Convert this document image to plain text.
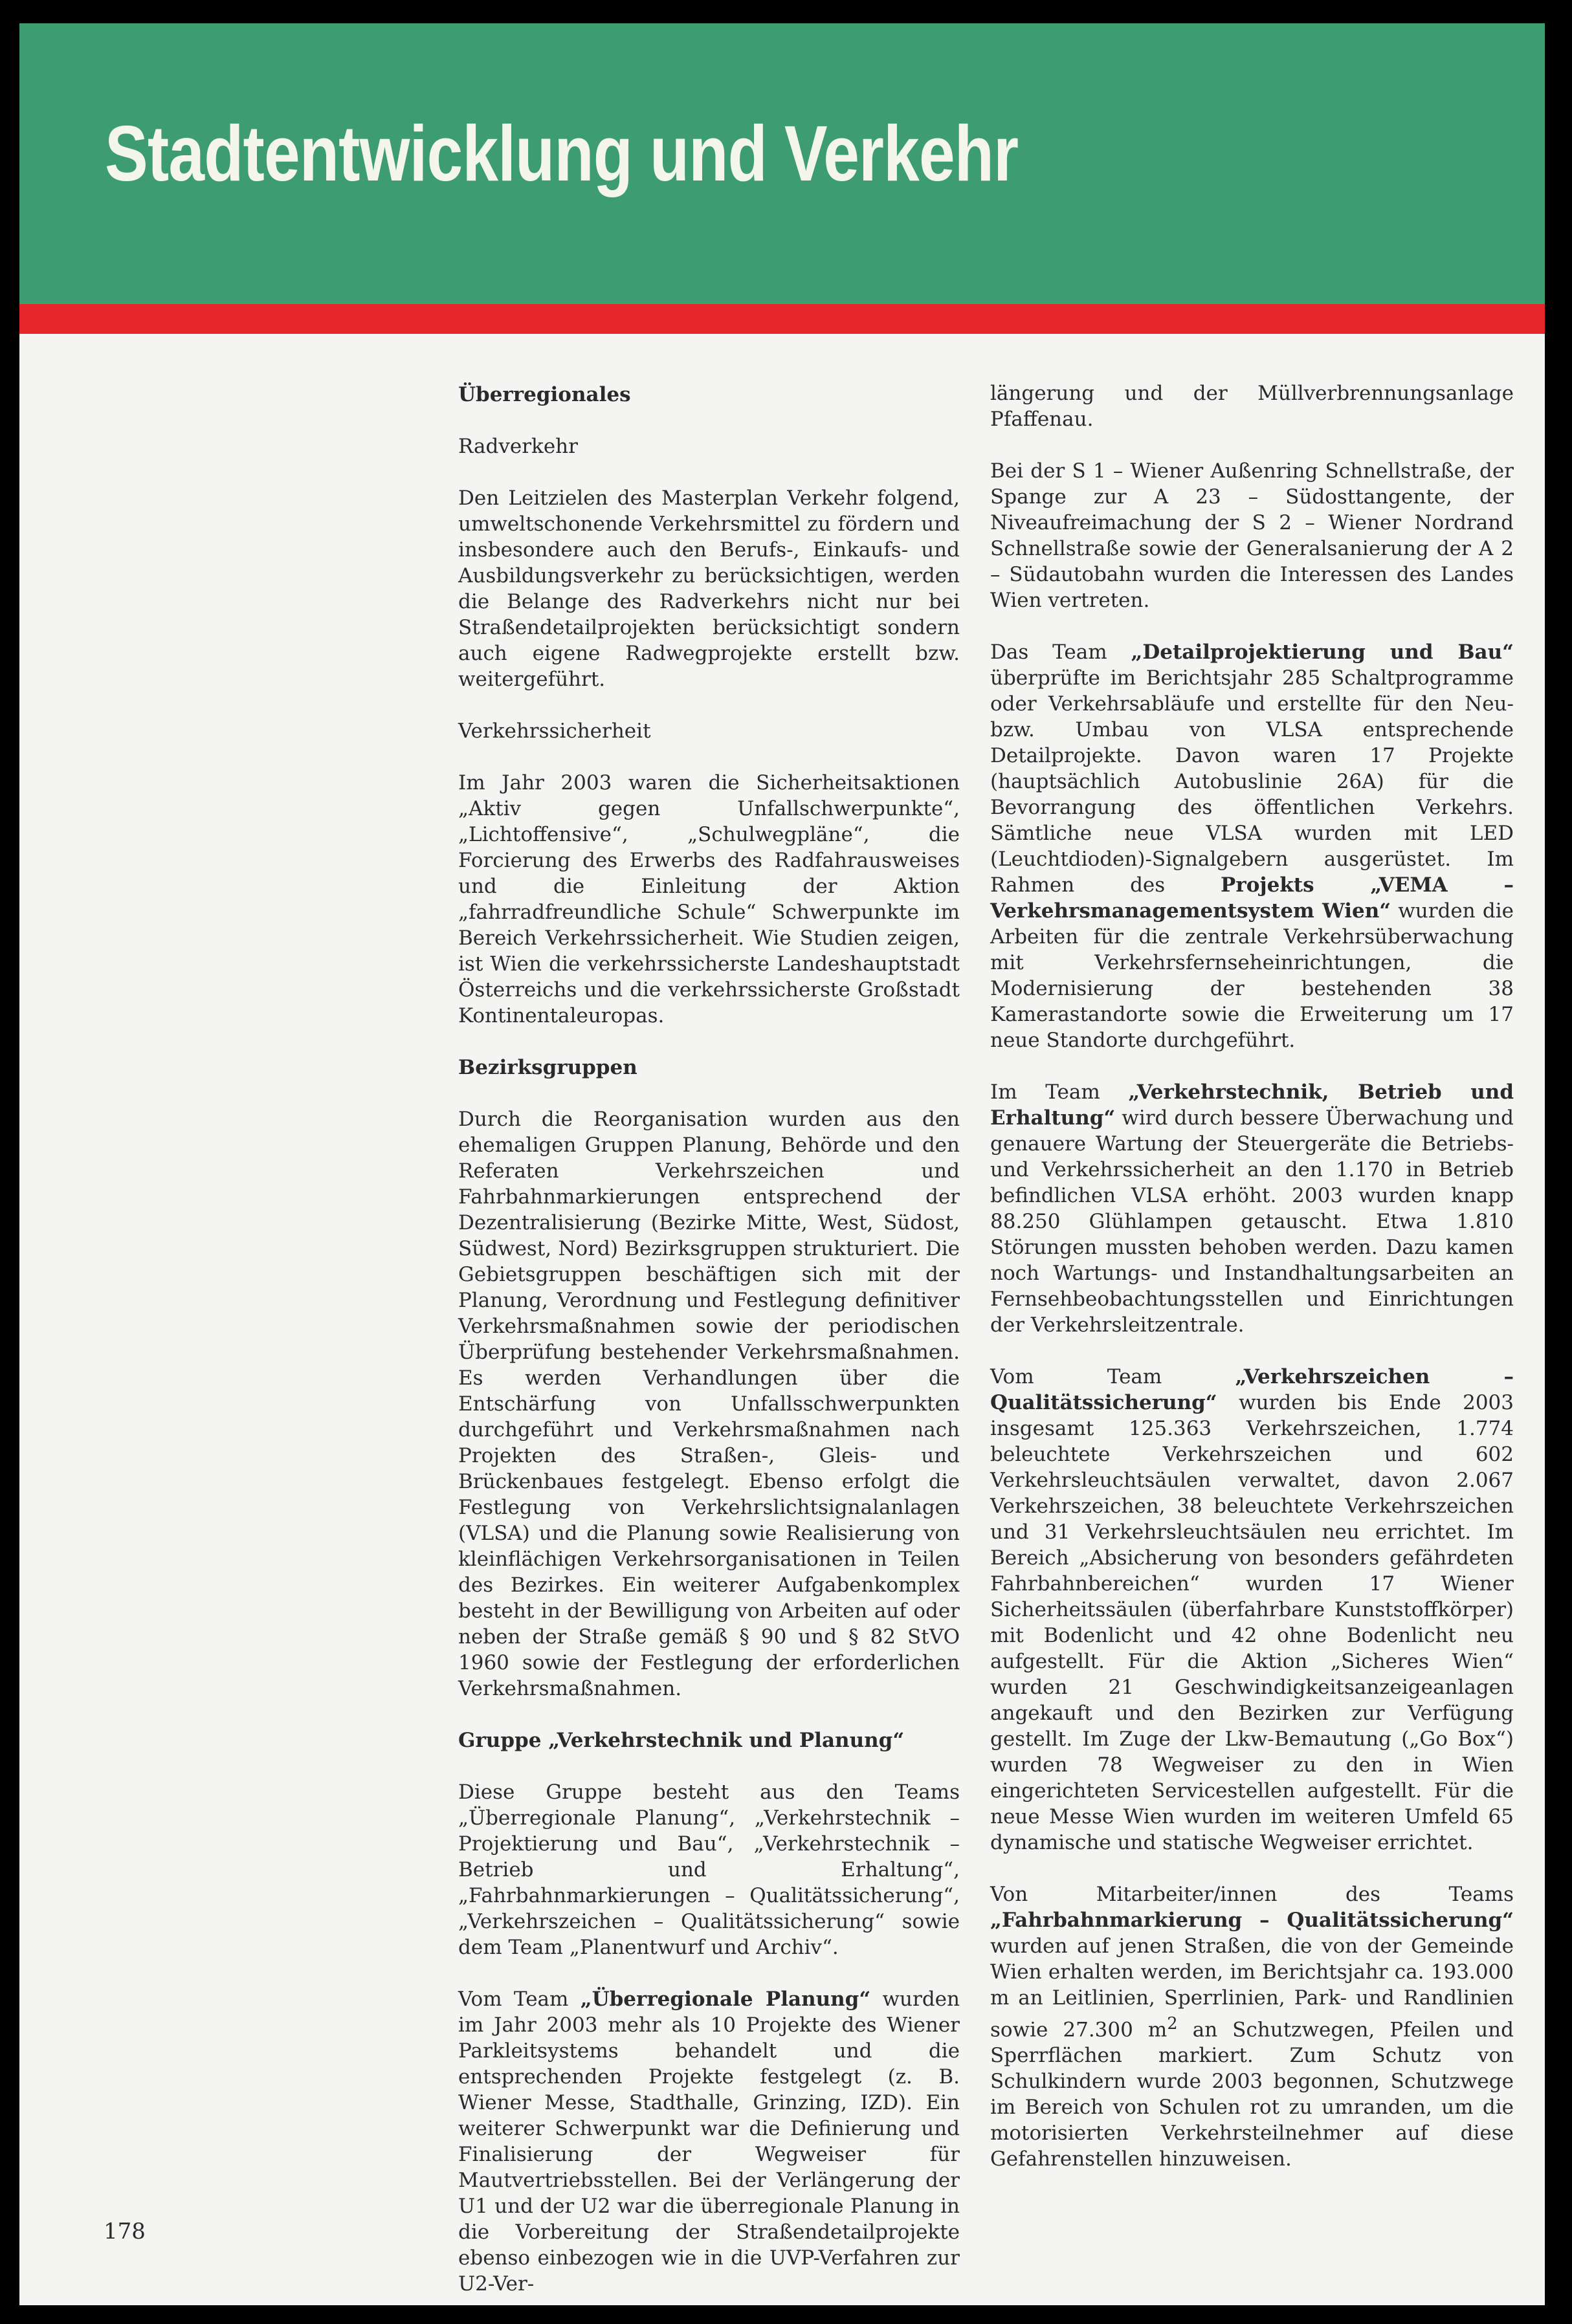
Stadtentwicklung und Verkehr
Überregionales
Radverkehr

Den Leitzielen des Masterplan Verkehr folgend, umweltschonende Verkehrsmittel zu fördern und insbesondere auch den Berufs-, Einkaufs- und Ausbildungsverkehr zu berücksichtigen, werden die Belange des Radverkehrs nicht nur bei Straßendetailprojekten berücksichtigt sondern auch eigene Radwegprojekte erstellt bzw. weitergeführt.

Verkehrssicherheit

Im Jahr 2003 waren die Sicherheitsaktionen „Aktiv gegen Unfallschwerpunkte“, „Lichtoffensive“, „Schulwegpläne“, die Forcierung des Erwerbs des Radfahrausweises und die Einleitung der Aktion „fahrradfreundliche Schule“ Schwerpunkte im Bereich Verkehrssicherheit. Wie Studien zeigen, ist Wien die verkehrssicherste Landeshauptstadt Österreichs und die verkehrssicherste Großstadt Kontinentaleuropas.

Bezirksgruppen

Durch die Reorganisation wurden aus den ehemaligen Gruppen Planung, Behörde und den Referaten Verkehrszeichen und Fahrbahnmarkierungen entsprechend der Dezentralisierung (Bezirke Mitte, West, Südost, Südwest, Nord) Bezirksgruppen strukturiert. Die Gebietsgruppen beschäftigen sich mit der Planung, Verordnung und Festlegung definitiver Verkehrsmaßnahmen sowie der periodischen Überprüfung bestehender Verkehrsmaßnahmen. Es werden Verhandlungen über die Entschärfung von Unfallsschwerpunkten durchgeführt und Verkehrsmaßnahmen nach Projekten des Straßen-, Gleis- und Brückenbaues festgelegt. Ebenso erfolgt die Festlegung von Verkehrslichtsignalanlagen (VLSA) und die Planung sowie Realisierung von kleinflächigen Verkehrsorganisationen in Teilen des Bezirkes. Ein weiterer Aufgabenkomplex besteht in der Bewilligung von Arbeiten auf oder neben der Straße gemäß § 90 und § 82 StVO 1960 sowie der Festlegung der erforderlichen Verkehrsmaßnahmen.

Gruppe „Verkehrstechnik und Planung“

Diese Gruppe besteht aus den Teams „Überregionale Planung“, „Verkehrstechnik – Projektierung und Bau“, „Verkehrstechnik – Betrieb und Erhaltung“, „Fahrbahnmarkierungen – Qualitätssicherung“, „Verkehrszeichen – Qualitätssicherung“ sowie dem Team „Planentwurf und Archiv“.

Vom Team „Überregionale Planung“ wurden im Jahr 2003 mehr als 10 Projekte des Wiener Parkleitsystems behandelt und die entsprechenden Projekte festgelegt (z. B. Wiener Messe, Stadthalle, Grinzing, IZD). Ein weiterer Schwerpunkt war die Definierung und Finalisierung der Wegweiser für Mautvertriebsstellen. Bei der Verlängerung der U1 und der U2 war die überregionale Planung in die Vorbereitung der Straßendetailprojekte ebenso einbezogen wie in die UVP-Verfahren zur U2-Ver-

längerung und der Müllverbrennungsanlage Pfaffenau.

Bei der S 1 – Wiener Außenring Schnellstraße, der Spange zur A 23 – Südosttangente, der Niveaufreimachung der S 2 – Wiener Nordrand Schnellstraße sowie der Generalsanierung der A 2 – Südautobahn wurden die Interessen des Landes Wien vertreten.

Das Team „Detailprojektierung und Bau“ überprüfte im Berichtsjahr 285 Schaltprogramme oder Verkehrsabläufe und erstellte für den Neu- bzw. Umbau von VLSA entsprechende Detailprojekte. Davon waren 17 Projekte (hauptsächlich Autobuslinie 26A) für die Bevorrangung des öffentlichen Verkehrs. Sämtliche neue VLSA wurden mit LED (Leuchtdioden)-Signalgebern ausgerüstet. Im Rahmen des Projekts „VEMA – Verkehrsmanagementsystem Wien“ wurden die Arbeiten für die zentrale Verkehrsüberwachung mit Verkehrsfernseheinrichtungen, die Modernisierung der bestehenden 38 Kamerastandorte sowie die Erweiterung um 17 neue Standorte durchgeführt.

Im Team „Verkehrstechnik, Betrieb und Erhaltung“ wird durch bessere Überwachung und genauere Wartung der Steuergeräte die Betriebs- und Verkehrssicherheit an den 1.170 in Betrieb befindlichen VLSA erhöht. 2003 wurden knapp 88.250 Glühlampen getauscht. Etwa 1.810 Störungen mussten behoben werden. Dazu kamen noch Wartungs- und Instandhaltungsarbeiten an Fernsehbeobachtungsstellen und Einrichtungen der Verkehrsleitzentrale.

Vom Team „Verkehrszeichen – Qualitätssicherung“ wurden bis Ende 2003 insgesamt 125.363 Verkehrszeichen, 1.774 beleuchtete Verkehrszeichen und 602 Verkehrsleuchtsäulen verwaltet, davon 2.067 Verkehrszeichen, 38 beleuchtete Verkehrszeichen und 31 Verkehrsleuchtsäulen neu errichtet. Im Bereich „Absicherung von besonders gefährdeten Fahrbahnbereichen“ wurden 17 Wiener Sicherheitssäulen (überfahrbare Kunststoffkörper) mit Bodenlicht und 42 ohne Bodenlicht neu aufgestellt. Für die Aktion „Sicheres Wien“ wurden 21 Geschwindigkeitsanzeigeanlagen angekauft und den Bezirken zur Verfügung gestellt. Im Zuge der Lkw-Bemautung („Go Box“) wurden 78 Wegweiser zu den in Wien eingerichteten Servicestellen aufgestellt. Für die neue Messe Wien wurden im weiteren Umfeld 65 dynamische und statische Wegweiser errichtet.

Von Mitarbeiter/innen des Teams „Fahrbahnmarkierung – Qualitätssicherung“ wurden auf jenen Straßen, die von der Gemeinde Wien erhalten werden, im Berichtsjahr ca. 193.000 m an Leitlinien, Sperrlinien, Park- und Randlinien sowie 27.300 $m^2$ an Schutzwegen, Pfeilen und Sperrflächen markiert. Zum Schutz von Schulkindern wurde 2003 begonnen, Schutzwege im Bereich von Schulen rot zu umranden, um die motorisierten Verkehrsteilnehmer auf diese Gefahrenstellen hinzuweisen.

178
